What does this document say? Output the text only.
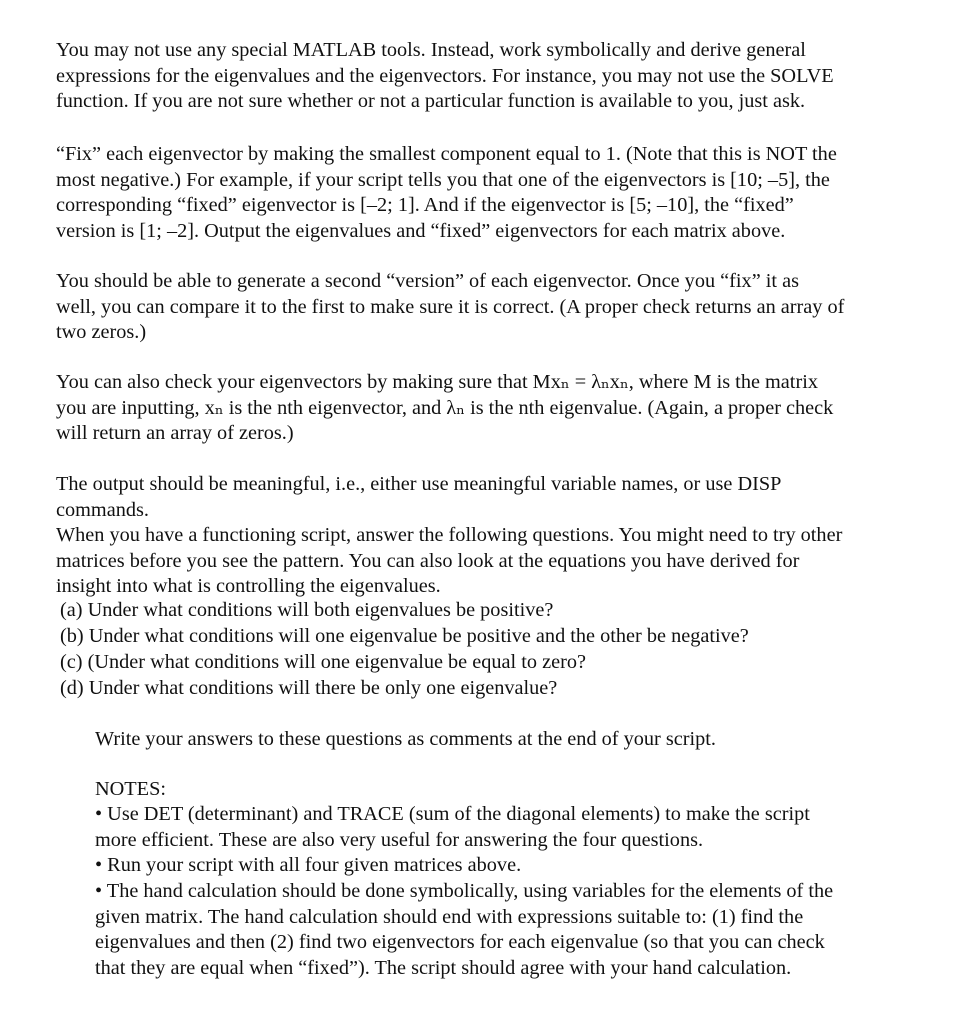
You may not use any special MATLAB tools. Instead, work symbolically and derive general
expressions for the eigenvalues and the eigenvectors. For instance, you may not use the SOLVE
function. If you are not sure whether or not a particular function is available to you, just ask.

“Fix” each eigenvector by making the smallest component equal to 1. (Note that this is NOT the
most negative.) For example, if your script tells you that one of the eigenvectors is [10; –5], the
corresponding “fixed” eigenvector is [–2; 1]. And if the eigenvector is [5; –10], the “fixed”
version is [1; –2]. Output the eigenvalues and “fixed” eigenvectors for each matrix above.

You should be able to generate a second “version” of each eigenvector. Once you “fix” it as
well, you can compare it to the first to make sure it is correct. (A proper check returns an array of
two zeros.)

You can also check your eigenvectors by making sure that Mxₙ = λₙxₙ, where M is the matrix
you are inputting, xₙ is the nth eigenvector, and λₙ is the nth eigenvalue. (Again, a proper check
will return an array of zeros.)

The output should be meaningful, i.e., either use meaningful variable names, or use DISP
commands.
When you have a functioning script, answer the following questions. You might need to try other
matrices before you see the pattern. You can also look at the equations you have derived for
insight into what is controlling the eigenvalues.

(a) Under what conditions will both eigenvalues be positive?

(b) Under what conditions will one eigenvalue be positive and the other be negative?

(c) (Under what conditions will one eigenvalue be equal to zero?

(d) Under what conditions will there be only one eigenvalue?

Write your answers to these questions as comments at the end of your script.

NOTES:

• Use DET (determinant) and TRACE (sum of the diagonal elements) to make the script
more efficient. These are also very useful for answering the four questions.

• Run your script with all four given matrices above.

• The hand calculation should be done symbolically, using variables for the elements of the
given matrix. The hand calculation should end with expressions suitable to: (1) find the
eigenvalues and then (2) find two eigenvectors for each eigenvalue (so that you can check
that they are equal when “fixed”). The script should agree with your hand calculation.
